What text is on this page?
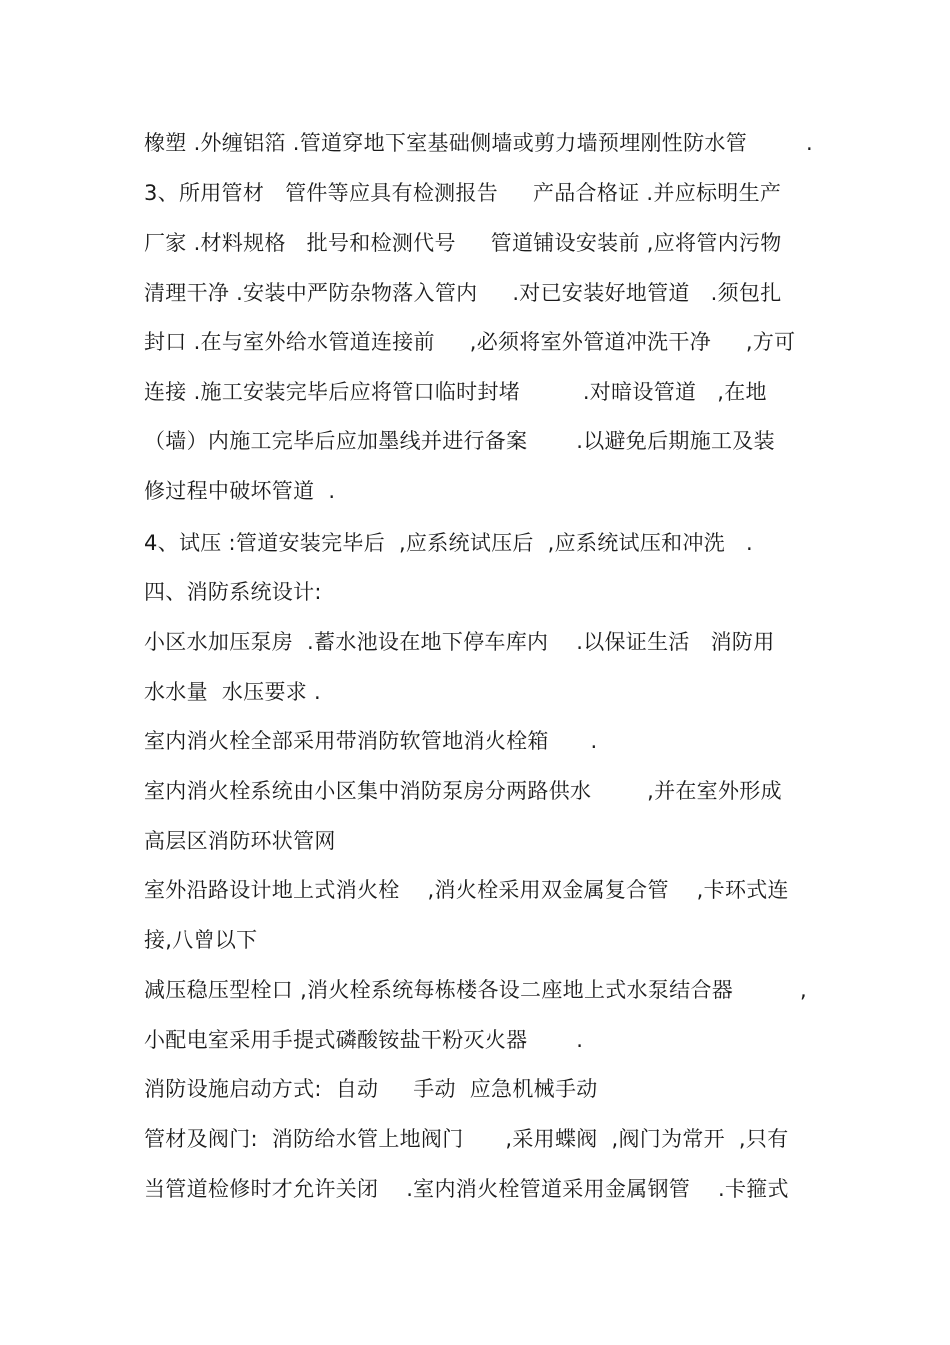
橡塑 .外缠铝箔 .管道穿地下室基础侧墙或剪力墙预埋刚性防水管	.
3、所用管材   管件等应具有检测报告     产品合格证 .并应标明生产
厂家 .材料规格   批号和检测代号     管道铺设安装前 ,应将管内污物
清理干净 .安装中严防杂物落入管内     .对已安装好地管道   .须包扎
封口 .在与室外给水管道连接前     ,必须将室外管道冲洗干净     ,方可
连接 .施工安装完毕后应将管口临时封堵         .对暗设管道   ,在地
（墙）内施工完毕后应加墨线并进行备案       .以避免后期施工及装
修过程中破坏管道  .
4、试压 :管道安装完毕后  ,应系统试压后  ,应系统试压和冲洗   .
四、消防系统设计:
小区水加压泵房  .蓄水池设在地下停车库内    .以保证生活   消防用
水水量  水压要求 .
室内消火栓全部采用带消防软管地消火栓箱      .
室内消火栓系统由小区集中消防泵房分两路供水        ,并在室外形成
高层区消防环状管网
室外沿路设计地上式消火栓    ,消火栓采用双金属复合管    ,卡环式连
接,八曾以下
减压稳压型栓口 ,消火栓系统每栋楼各设二座地上式水泵结合器	,
小配电室采用手提式磷酸铵盐干粉灭火器       .
消防设施启动方式:  自动     手动  应急机械手动
管材及阀门:  消防给水管上地阀门      ,采用蝶阀  ,阀门为常开  ,只有
当管道检修时才允许关闭    .室内消火栓管道采用金属钢管    .卡箍式
